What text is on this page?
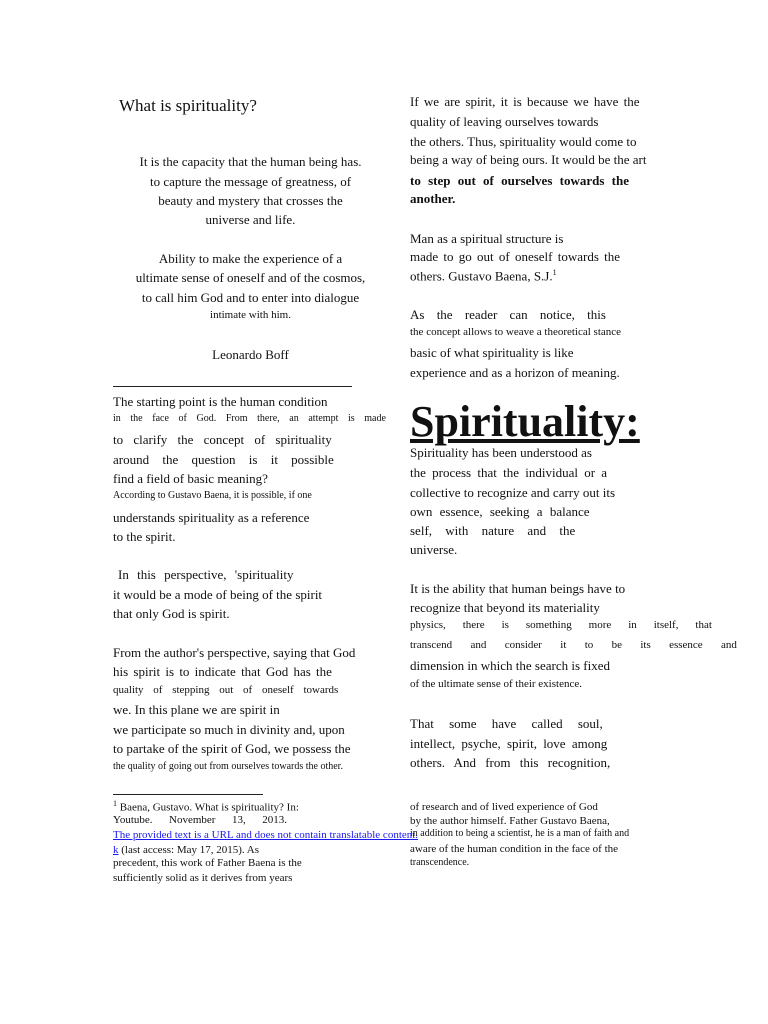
What is spirituality?
It is the capacity that the human being has.
to capture the message of greatness, of
beauty and mystery that crosses the
universe and life.
Ability to make the experience of a
ultimate sense of oneself and of the cosmos,
to call him God and to enter into dialogue
intimate with him.
Leonardo Boff
The starting point is the human condition
in the face of God. From there, an attempt is made
to clarify the concept of spirituality
around the question is it possible
find a field of basic meaning?
According to Gustavo Baena, it is possible, if one
understands spirituality as a reference
to the spirit.
In this perspective, 'spirituality
it would be a mode of being of the spirit
that only God is spirit.
From the author's perspective, saying that God
his spirit is to indicate that God has the
quality of stepping out of oneself towards
we. In this plane we are spirit in
we participate so much in divinity and, upon
to partake of the spirit of God, we possess the
the quality of going out from ourselves towards the other.
$^1$ Baena, Gustavo. What is spirituality? In:
Youtube.      November      13,      2013.
The provided text is a URL and does not contain translatable content.
k (last access: May 17, 2015). As
precedent, this work of Father Baena is the
sufficiently solid as it derives from years
If we are spirit, it is because we have the
quality of leaving ourselves towards
the others. Thus, spirituality would come to
being a way of being ours. It would be the art
to step out of ourselves towards the
another.
Man as a spiritual structure is
made to go out of oneself towards the
others. Gustavo Baena, S.J.$^1$
As the reader can notice, this
the concept allows to weave a theoretical stance
basic of what spirituality is like
experience and as a horizon of meaning.
Spirituality:
Spirituality has been understood as
the process that the individual or a
collective to recognize and carry out its
own essence, seeking a balance
self, with nature and the
universe.
It is the ability that human beings have to
recognize that beyond its materiality
physics, there is something more in itself, that
transcend and consider it to be its essence and
dimension in which the search is fixed
of the ultimate sense of their existence.
That some have called soul,
intellect, psyche, spirit, love among
others. And from this recognition,
of research and of lived experience of God
by the author himself. Father Gustavo Baena,
in addition to being a scientist, he is a man of faith and
aware of the human condition in the face of the
transcendence.
